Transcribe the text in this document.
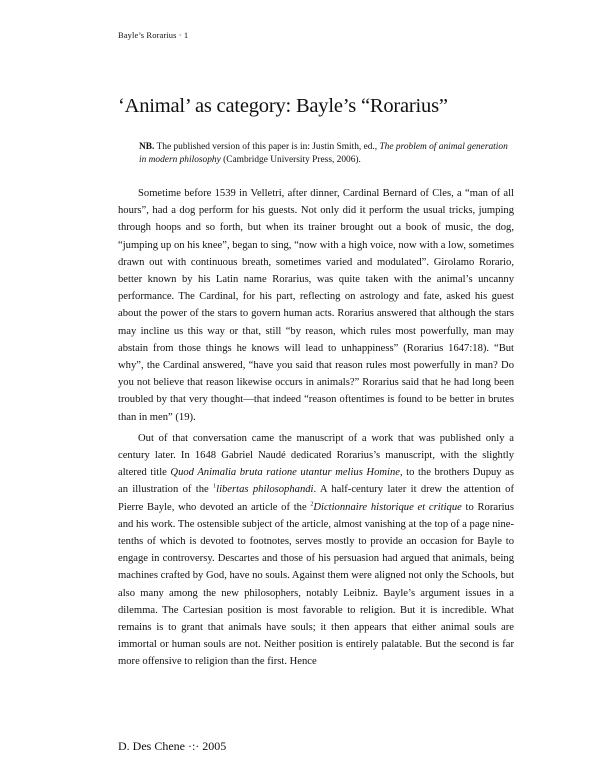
Bayle’s Rorarius · 1
‘Animal’ as category: Bayle’s “Rorarius”
NB. The published version of this paper is in: Justin Smith, ed., The problem of animal generation in modern philosophy (Cambridge University Press, 2006).

Sometime before 1539 in Velletri, after dinner, Cardinal Bernard of Cles, a “man of all hours”, had a dog perform for his guests. Not only did it perform the usual tricks, jumping through hoops and so forth, but when its trainer brought out a book of music, the dog, “jumping up on his knee”, began to sing, “now with a high voice, now with a low, sometimes drawn out with continuous breath, sometimes varied and modulated”. Girolamo Rorario, better known by his Latin name Rorarius, was quite taken with the animal’s uncanny performance. The Cardinal, for his part, reflecting on astrology and fate, asked his guest about the power of the stars to govern human acts. Rorarius answered that although the stars may incline us this way or that, still “by reason, which rules most powerfully, man may abstain from those things he knows will lead to unhappiness” (Rorarius 1647:18). “But why”, the Cardinal answered, “have you said that reason rules most powerfully in man? Do you not believe that reason likewise occurs in animals?” Rorarius said that he had long been troubled by that very thought—that indeed “reason oftentimes is found to be better in brutes than in men” (19).

Out of that conversation came the manuscript of a work that was published only a century later. In 1648 Gabriel Naudé dedicated Rorarius’s manuscript, with the slightly altered title Quod Animalia bruta ratione utantur melius Homine, to the brothers Dupuy as an illustration of the $^1$libertas philosophandi. A half-century later it drew the attention of Pierre Bayle, who devoted an article of the $^2$Dictionnaire historique et critique to Rorarius and his work. The ostensible subject of the article, almost vanishing at the top of a page nine-tenths of which is devoted to footnotes, serves mostly to provide an occasion for Bayle to engage in controversy. Descartes and those of his persuasion had argued that animals, being machines crafted by God, have no souls. Against them were aligned not only the Schools, but also many among the new philosophers, notably Leibniz. Bayle’s argument issues in a dilemma. The Cartesian position is most favorable to religion. But it is incredible. What remains is to grant that animals have souls; it then appears that either animal souls are immortal or human souls are not. Neither position is entirely palatable. But the second is far more offensive to religion than the first. Hence

D. Des Chene ·:· 2005
